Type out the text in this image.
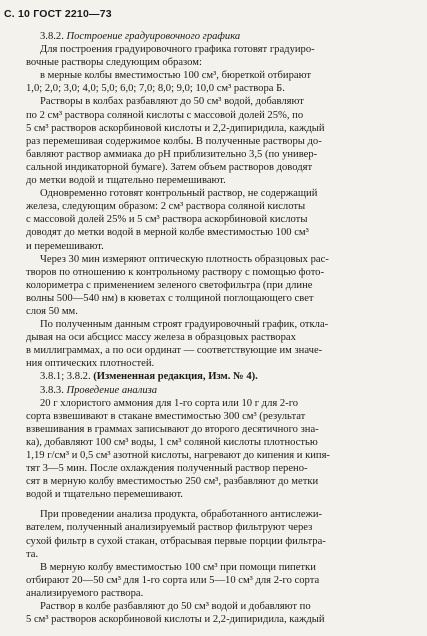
С. 10 ГОСТ 2210—73
3.8.2. Построение градуировочного графика
Для построения градуировочного графика готовят градуиро-
вочные растворы следующим образом:
в мерные колбы вместимостью 100 см³, бюреткой отбирают
1,0; 2,0; 3,0; 4,0; 5,0; 6,0; 7,0; 8,0; 9,0; 10,0 см³ раствора Б.
Растворы в колбах разбавляют до 50 см³ водой, добавляют
по 2 см³ раствора соляной кислоты с массовой долей 25%, по
5 см³ растворов аскорбиновой кислоты и 2,2-дипиридила, каждый
раз перемешивая содержимое колбы. В полученные растворы до-
бавляют раствор аммиака до pH приблизительно 3,5 (по универ-
сальной индикаторной бумаге). Затем объем растворов доводят
до метки водой и тщательно перемешивают.
Одновременно готовят контрольный раствор, не содержащий
железа, следующим образом: 2 см³ раствора соляной кислоты
с массовой долей 25% и 5 см³ раствора аскорбиновой кислоты
доводят до метки водой в мерной колбе вместимостью 100 см³
и перемешивают.
Через 30 мин измеряют оптическую плотность образцовых рас-
творов по отношению к контрольному раствору с помощью фото-
колориметра с применением зеленого светофильтра (при длине
волны 500—540 нм) в кюветах с толщиной поглощающего свет
слоя 50 мм.
По полученным данным строят градуировочный график, откла-
дывая на оси абсцисс массу железа в образцовых растворах
в миллиграммах, а по оси ординат — соответствующие им значе-
ния оптических плотностей.
3.8.1; 3.8.2. (Измененная редакция, Изм. № 4).
3.8.3. Проведение анализа
20 г хлористого аммония для 1-го сорта или 10 г для 2-го
сорта взвешивают в стакане вместимостью 300 см³ (результат
взвешивания в граммах записывают до второго десятичного зна-
ка), добавляют 100 см³ воды, 1 см³ соляной кислоты плотностью
1,19 г/см³ и 0,5 см³ азотной кислоты, нагревают до кипения и кипя-
тят 3—5 мин. После охлаждения полученный раствор перено-
сят в мерную колбу вместимостью 250 см³, разбавляют до метки
водой и тщательно перемешивают.
При проведении анализа продукта, обработанного антислежи-
вателем, полученный анализируемый раствор фильтруют через
сухой фильтр в сухой стакан, отбрасывая первые порции фильтра-
та.
В мерную колбу вместимостью 100 см³ при помощи пипетки
отбирают 20—50 см³ для 1-го сорта или 5—10 см³ для 2-го сорта
анализируемого раствора.
Раствор в колбе разбавляют до 50 см³ водой и добавляют по
5 см³ растворов аскорбиновой кислоты и 2,2-дипиридила, каждый
